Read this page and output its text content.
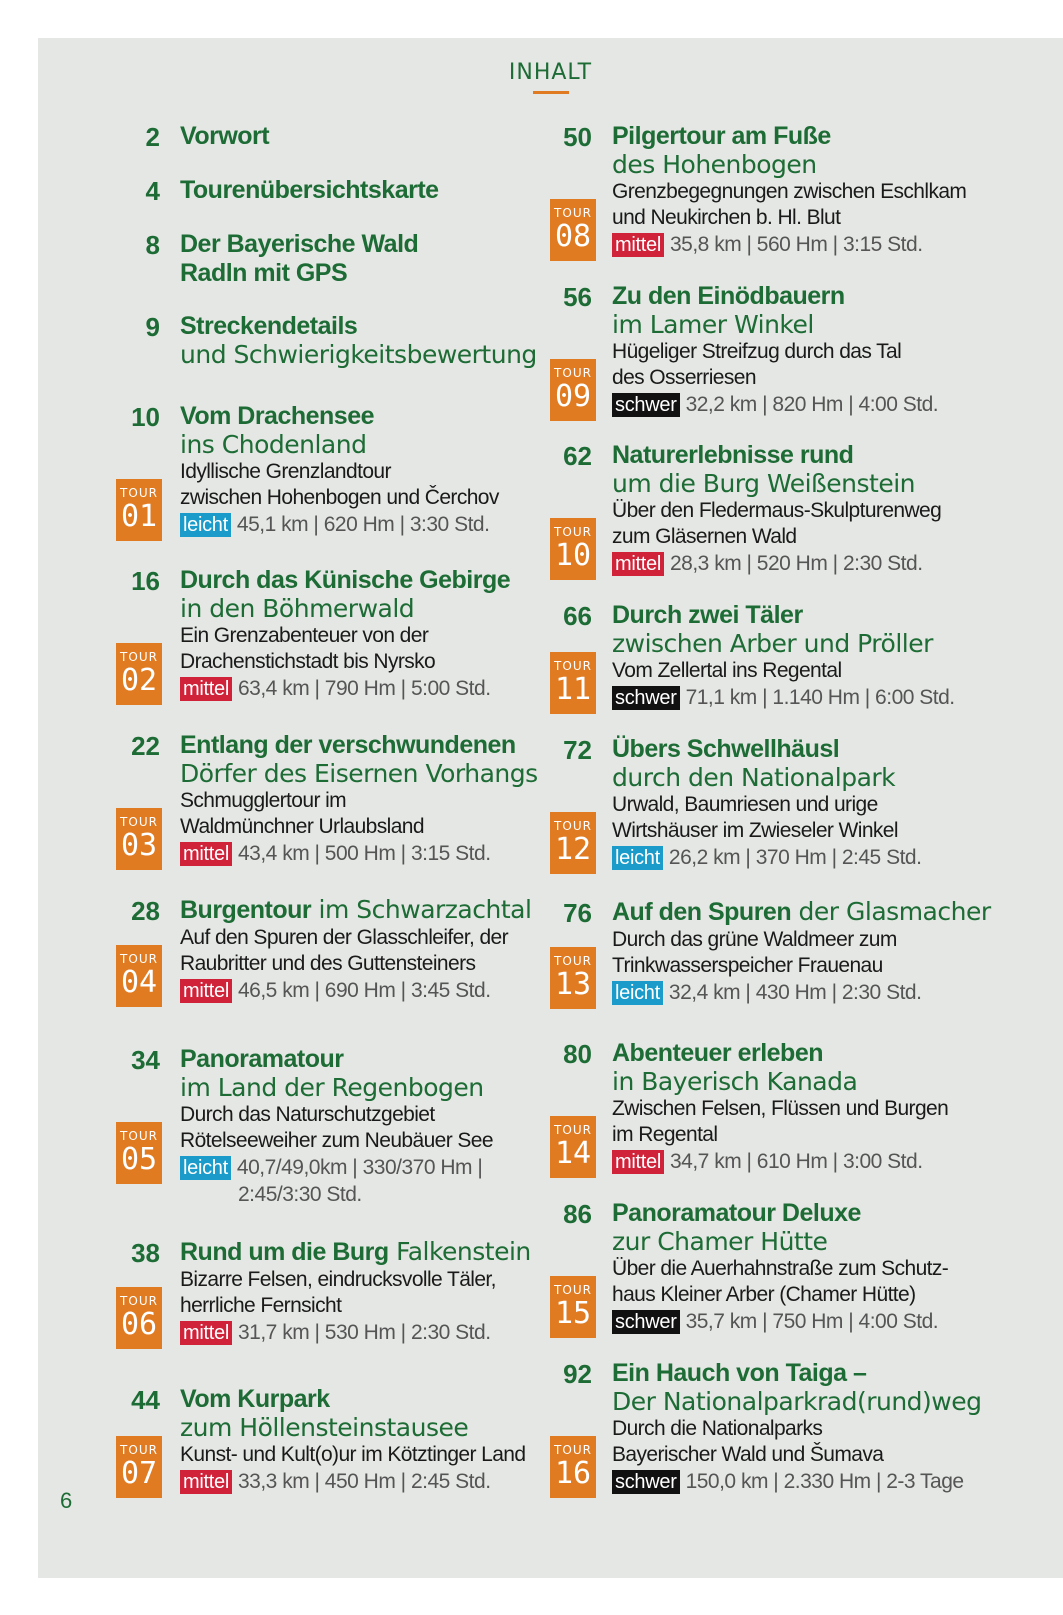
INHALT
2 Vorwort
4 Tourenübersichtskarte
8 Der Bayerische Wald
Radln mit GPS
9 Streckendetails
und Schwierigkeitsbewertung
10 Vom Drachensee
ins Chodenland
Idyllische Grenzlandtour
zwischen Hohenbogen und Čerchov
leicht 45,1 km | 620 Hm | 3:30 Std.
TOUR
01
16 Durch das Künische Gebirge
in den Böhmerwald
Ein Grenzabenteuer von der
Drachenstichstadt bis Nyrsko
mittel 63,4 km | 790 Hm | 5:00 Std.
TOUR
02
22 Entlang der verschwundenen
Dörfer des Eisernen Vorhangs
Schmugglertour im
Waldmünchner Urlaubsland
mittel 43,4 km | 500 Hm | 3:15 Std.
TOUR
03
28 Burgentour im Schwarzachtal
Auf den Spuren der Glasschleifer, der
Raubritter und des Guttensteiners
mittel 46,5 km | 690 Hm | 3:45 Std.
TOUR
04
34 Panoramatour
im Land der Regenbogen
Durch das Naturschutzgebiet
Rötelseeweiher zum Neubäuer See
leicht 40,7/49,0km | 330/370 Hm |
2:45/3:30 Std.
TOUR
05
38 Rund um die Burg Falkenstein
Bizarre Felsen, eindrucksvolle Täler,
herrliche Fernsicht
mittel 31,7 km | 530 Hm | 2:30 Std.
TOUR
06
44 Vom Kurpark
zum Höllensteinstausee
Kunst- und Kult(o)ur im Kötztinger Land
mittel 33,3 km | 450 Hm | 2:45 Std.
TOUR
07
50 Pilgertour am Fuße
des Hohenbogen
Grenzbegegnungen zwischen Eschlkam
und Neukirchen b. Hl. Blut
mittel 35,8 km | 560 Hm | 3:15 Std.
TOUR
08
56 Zu den Einödbauern
im Lamer Winkel
Hügeliger Streifzug durch das Tal
des Osserriesen
schwer 32,2 km | 820 Hm | 4:00 Std.
TOUR
09
62 Naturerlebnisse rund
um die Burg Weißenstein
Über den Fledermaus-Skulpturenweg
zum Gläsernen Wald
mittel 28,3 km | 520 Hm | 2:30 Std.
TOUR
10
66 Durch zwei Täler
zwischen Arber und Pröller
Vom Zellertal ins Regental
schwer 71,1 km | 1.140 Hm | 6:00 Std.
TOUR
11
72 Übers Schwellhäusl
durch den Nationalpark
Urwald, Baumriesen und urige
Wirtshäuser im Zwieseler Winkel
leicht 26,2 km | 370 Hm | 2:45 Std.
TOUR
12
76 Auf den Spuren der Glasmacher
Durch das grüne Waldmeer zum
Trinkwasserspeicher Frauenau
leicht 32,4 km | 430 Hm | 2:30 Std.
TOUR
13
80 Abenteuer erleben
in Bayerisch Kanada
Zwischen Felsen, Flüssen und Burgen
im Regental
mittel 34,7 km | 610 Hm | 3:00 Std.
TOUR
14
86 Panoramatour Deluxe
zur Chamer Hütte
Über die Auerhahnstraße zum Schutz-
haus Kleiner Arber (Chamer Hütte)
schwer 35,7 km | 750 Hm | 4:00 Std.
TOUR
15
92 Ein Hauch von Taiga –
Der Nationalparkrad(rund)weg
Durch die Nationalparks
Bayerischer Wald und Šumava
schwer 150,0 km | 2.330 Hm | 2-3 Tage
TOUR
16
6
